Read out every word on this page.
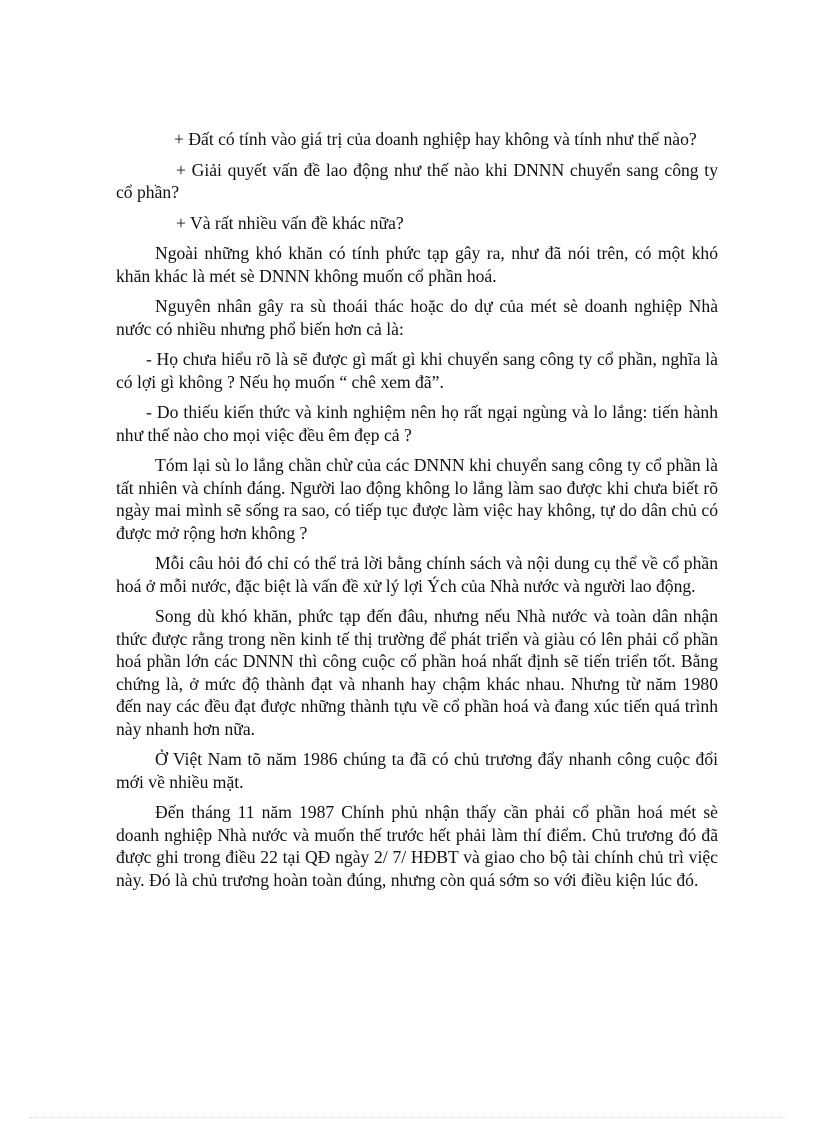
+ Đất có tính vào giá trị của doanh nghiệp hay không và tính như thế nào?

+ Giải quyết vấn đề lao động như thế nào khi DNNN chuyển sang công ty cổ phần?

+ Và rất nhiều vấn đề khác nữa?

Ngoài những khó khăn có tính phức tạp gây ra, như đã nói trên, có một khó khăn khác là mét sè DNNN không muốn cổ phần hoá.

Nguyên nhân gây ra sù thoái thác hoặc do dự của mét sè doanh nghiệp Nhà nước có nhiều nhưng phổ biến hơn cả là:

- Họ chưa hiểu rõ là sẽ được gì mất gì khi chuyển sang công ty cổ phần, nghĩa là có lợi gì không ? Nếu họ muốn “ chê xem đã”.

- Do thiếu kiến thức và kinh nghiệm nên họ rất ngại ngùng và lo lắng: tiến hành như thế nào cho mọi việc đều êm đẹp cả ?

Tóm lại sù lo lắng chần chừ của các DNNN khi chuyển sang công ty cổ phần là tất nhiên và chính đáng. Người lao động không lo lắng làm sao được khi chưa biết rõ ngày mai mình sẽ sống ra sao, có tiếp tục được làm việc hay không, tự do dân chủ có được mở rộng hơn không ?

Mỗi câu hỏi đó chỉ có thể trả lời bằng chính sách và nội dung cụ thể về cổ phần hoá ở mỗi nước, đặc biệt là vấn đề xử lý lợi Ých của Nhà nước và người lao động.

Song dù khó khăn, phức tạp đến đâu, nhưng nếu Nhà nước và toàn dân nhận thức được rằng trong nền kinh tế thị trường để phát triển và giàu có lên phải cổ phần hoá phần lớn các DNNN thì công cuộc cổ phần hoá nhất định sẽ tiến triển tốt. Bằng chứng là, ở mức độ thành đạt và nhanh hay chậm khác nhau. Nhưng từ năm 1980 đến nay các đều đạt được những thành tựu về cổ phần hoá và đang xúc tiến quá trình này nhanh hơn nữa.

Ở Việt Nam tõ năm 1986 chúng ta đã có chủ trương đẩy nhanh công cuộc đổi mới về nhiều mặt.

Đến tháng 11 năm 1987 Chính phủ nhận thấy cần phải cổ phần hoá mét sè doanh nghiệp Nhà nước và muốn thế trước hết phải làm thí điểm. Chủ trương đó đã được ghi trong điều 22 tại QĐ ngày 2/ 7/ HĐBT và giao cho bộ tài chính chủ trì việc này. Đó là chủ trương hoàn toàn đúng, nhưng còn quá sớm so với điều kiện lúc đó.
